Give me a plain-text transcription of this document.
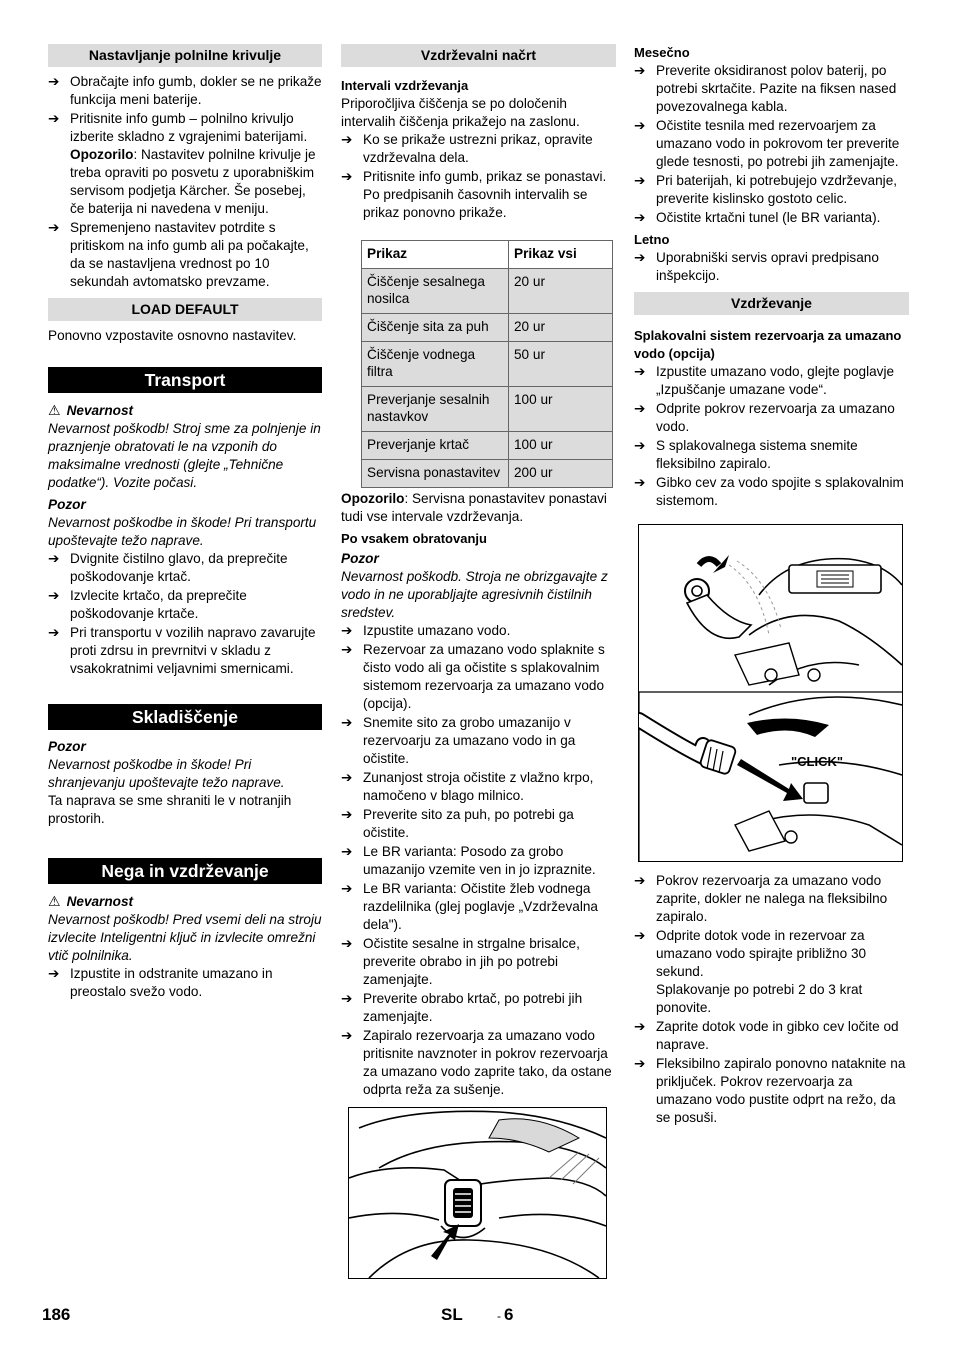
Nastavljanje polnilne krivulje
➔ Obračajte info gumb, dokler se ne prikaže funkcija meni baterije.
➔ Pritisnite info gumb – polnilno krivuljo izberite skladno z vgrajenimi baterijami.
Opozorilo: Nastavitev polnilne krivulje je treba opraviti po posvetu z uporabniškim servisom podjetja Kärcher. Še posebej, če baterija ni navedena v meniju.
➔ Spremenjeno nastavitev potrdite s pritiskom na info gumb ali pa počakajte, da se nastavljena vrednost po 10 sekundah avtomatsko prevzame.
LOAD DEFAULT

Ponovno vzpostavite osnovno nastavitev.

Transport
⚠ Nevarnost

Nevarnost poškodb! Stroj sme za polnjenje in praznjenje obratovati le na vzponih do maksimalne vrednosti (glejte „Tehnične podatke“). Vozite počasi.

Pozor

Nevarnost poškodbe in škode! Pri transportu upoštevajte težo naprave.

➔ Dvignite čistilno glavo, da preprečite poškodovanje krtač.
➔ Izvlecite krtačo, da preprečite poškodovanje krtače.
➔ Pri transportu v vozilih napravo zavarujte proti zdrsu in prevrnitvi v skladu z vsakokratnimi veljavnimi smernicami.
Skladiščenje
Pozor

Nevarnost poškodbe in škode! Pri shranjevanju upoštevajte težo naprave.

Ta naprava se sme shraniti le v notranjih prostorih.

Nega in vzdrževanje
⚠ Nevarnost

Nevarnost poškodb! Pred vsemi deli na stroju izvlecite Inteligentni ključ in izvlecite omrežni vtič polnilnika.

➔ Izpustite in odstranite umazano in preostalo svežo vodo.
Vzdrževalni načrt
Intervali vzdrževanja

Priporočljiva čiščenja se po določenih intervalih čiščenja prikažejo na zaslonu.

➔ Ko se prikaže ustrezni prikaz, opravite vzdrževalna dela.
➔ Pritisnite info gumb, prikaz se ponastavi. Po predpisanih časovnih intervalih se prikaz ponovno prikaže.
Prikaz	Prikaz vsi
Čiščenje sesalnega nosilca	20 ur
Čiščenje sita za puh	20 ur
Čiščenje vodnega filtra	50 ur
Preverjanje sesalnih nastavkov	100 ur
Preverjanje krtač	100 ur
Servisna ponastavitev	200 ur

Opozorilo: Servisna ponastavitev ponastavi tudi vse intervale vzdrževanja.

Po vsakem obratovanju
Pozor

Nevarnost poškodb. Stroja ne obrizgavajte z vodo in ne uporabljajte agresivnih čistilnih sredstev.

➔ Izpustite umazano vodo.
➔ Rezervoar za umazano vodo splaknite s čisto vodo ali ga očistite s splakovalnim sistemom rezervoarja za umazano vodo (opcija).
➔ Snemite sito za grobo umazanijo v rezervoarju za umazano vodo in ga očistite.
➔ Zunanjost stroja očistite z vlažno krpo, namočeno v blago milnico.
➔ Preverite sito za puh, po potrebi ga očistite.
➔ Le BR varianta: Posodo za grobo umazanijo vzemite ven in jo izpraznite.
➔ Le BR varianta: Očistite žleb vodnega razdelilnika (glej poglavje „Vzdrževalna dela").
➔ Očistite sesalne in strgalne brisalce, preverite obrabo in jih po potrebi zamenjajte.
➔ Preverite obrabo krtač, po potrebi jih zamenjajte.
➔ Zapiralo rezervoarja za umazano vodo pritisnite navznoter in pokrov rezervoarja za umazano vodo zaprite tako, da ostane odprta reža za sušenje.
Mesečno
➔ Preverite oksidiranost polov baterij, po potrebi skrtačite. Pazite na fiksen nased povezovalnega kabla.
➔ Očistite tesnila med rezervoarjem za umazano vodo in pokrovom ter preverite glede tesnosti, po potrebi jih zamenjajte.
➔ Pri baterijah, ki potrebujejo vzdrževanje, preverite kislinsko gostoto celic.
➔ Očistite krtačni tunel (le BR varianta).
Letno
➔ Uporabniški servis opravi predpisano inšpekcijo.
Vzdrževanje
Splakovalni sistem rezervoarja za umazano vodo (opcija)
➔ Izpustite umazano vodo, glejte poglavje „Izpuščanje umazane vode“.
➔ Odprite pokrov rezervoarja za umazano vodo.
➔ S splakovalnega sistema snemite fleksibilno zapiralo.
➔ Gibko cev za vodo spojite s splakovalnim sistemom.
"CLICK"
➔ Pokrov rezervoarja za umazano vodo zaprite, dokler ne nalega na fleksibilno zapiralo.
➔ Odprite dotok vode in rezervoar za umazano vodo spirajte približno 30 sekund.
Splakovanje po potrebi 2 do 3 krat ponovite.
➔ Zaprite dotok vode in gibko cev ločite od naprave.
➔ Fleksibilno zapiralo ponovno nataknite na priključek. Pokrov rezervoarja za umazano vodo pustite odprt na režo, da se posuši.
186	SL	- 6
